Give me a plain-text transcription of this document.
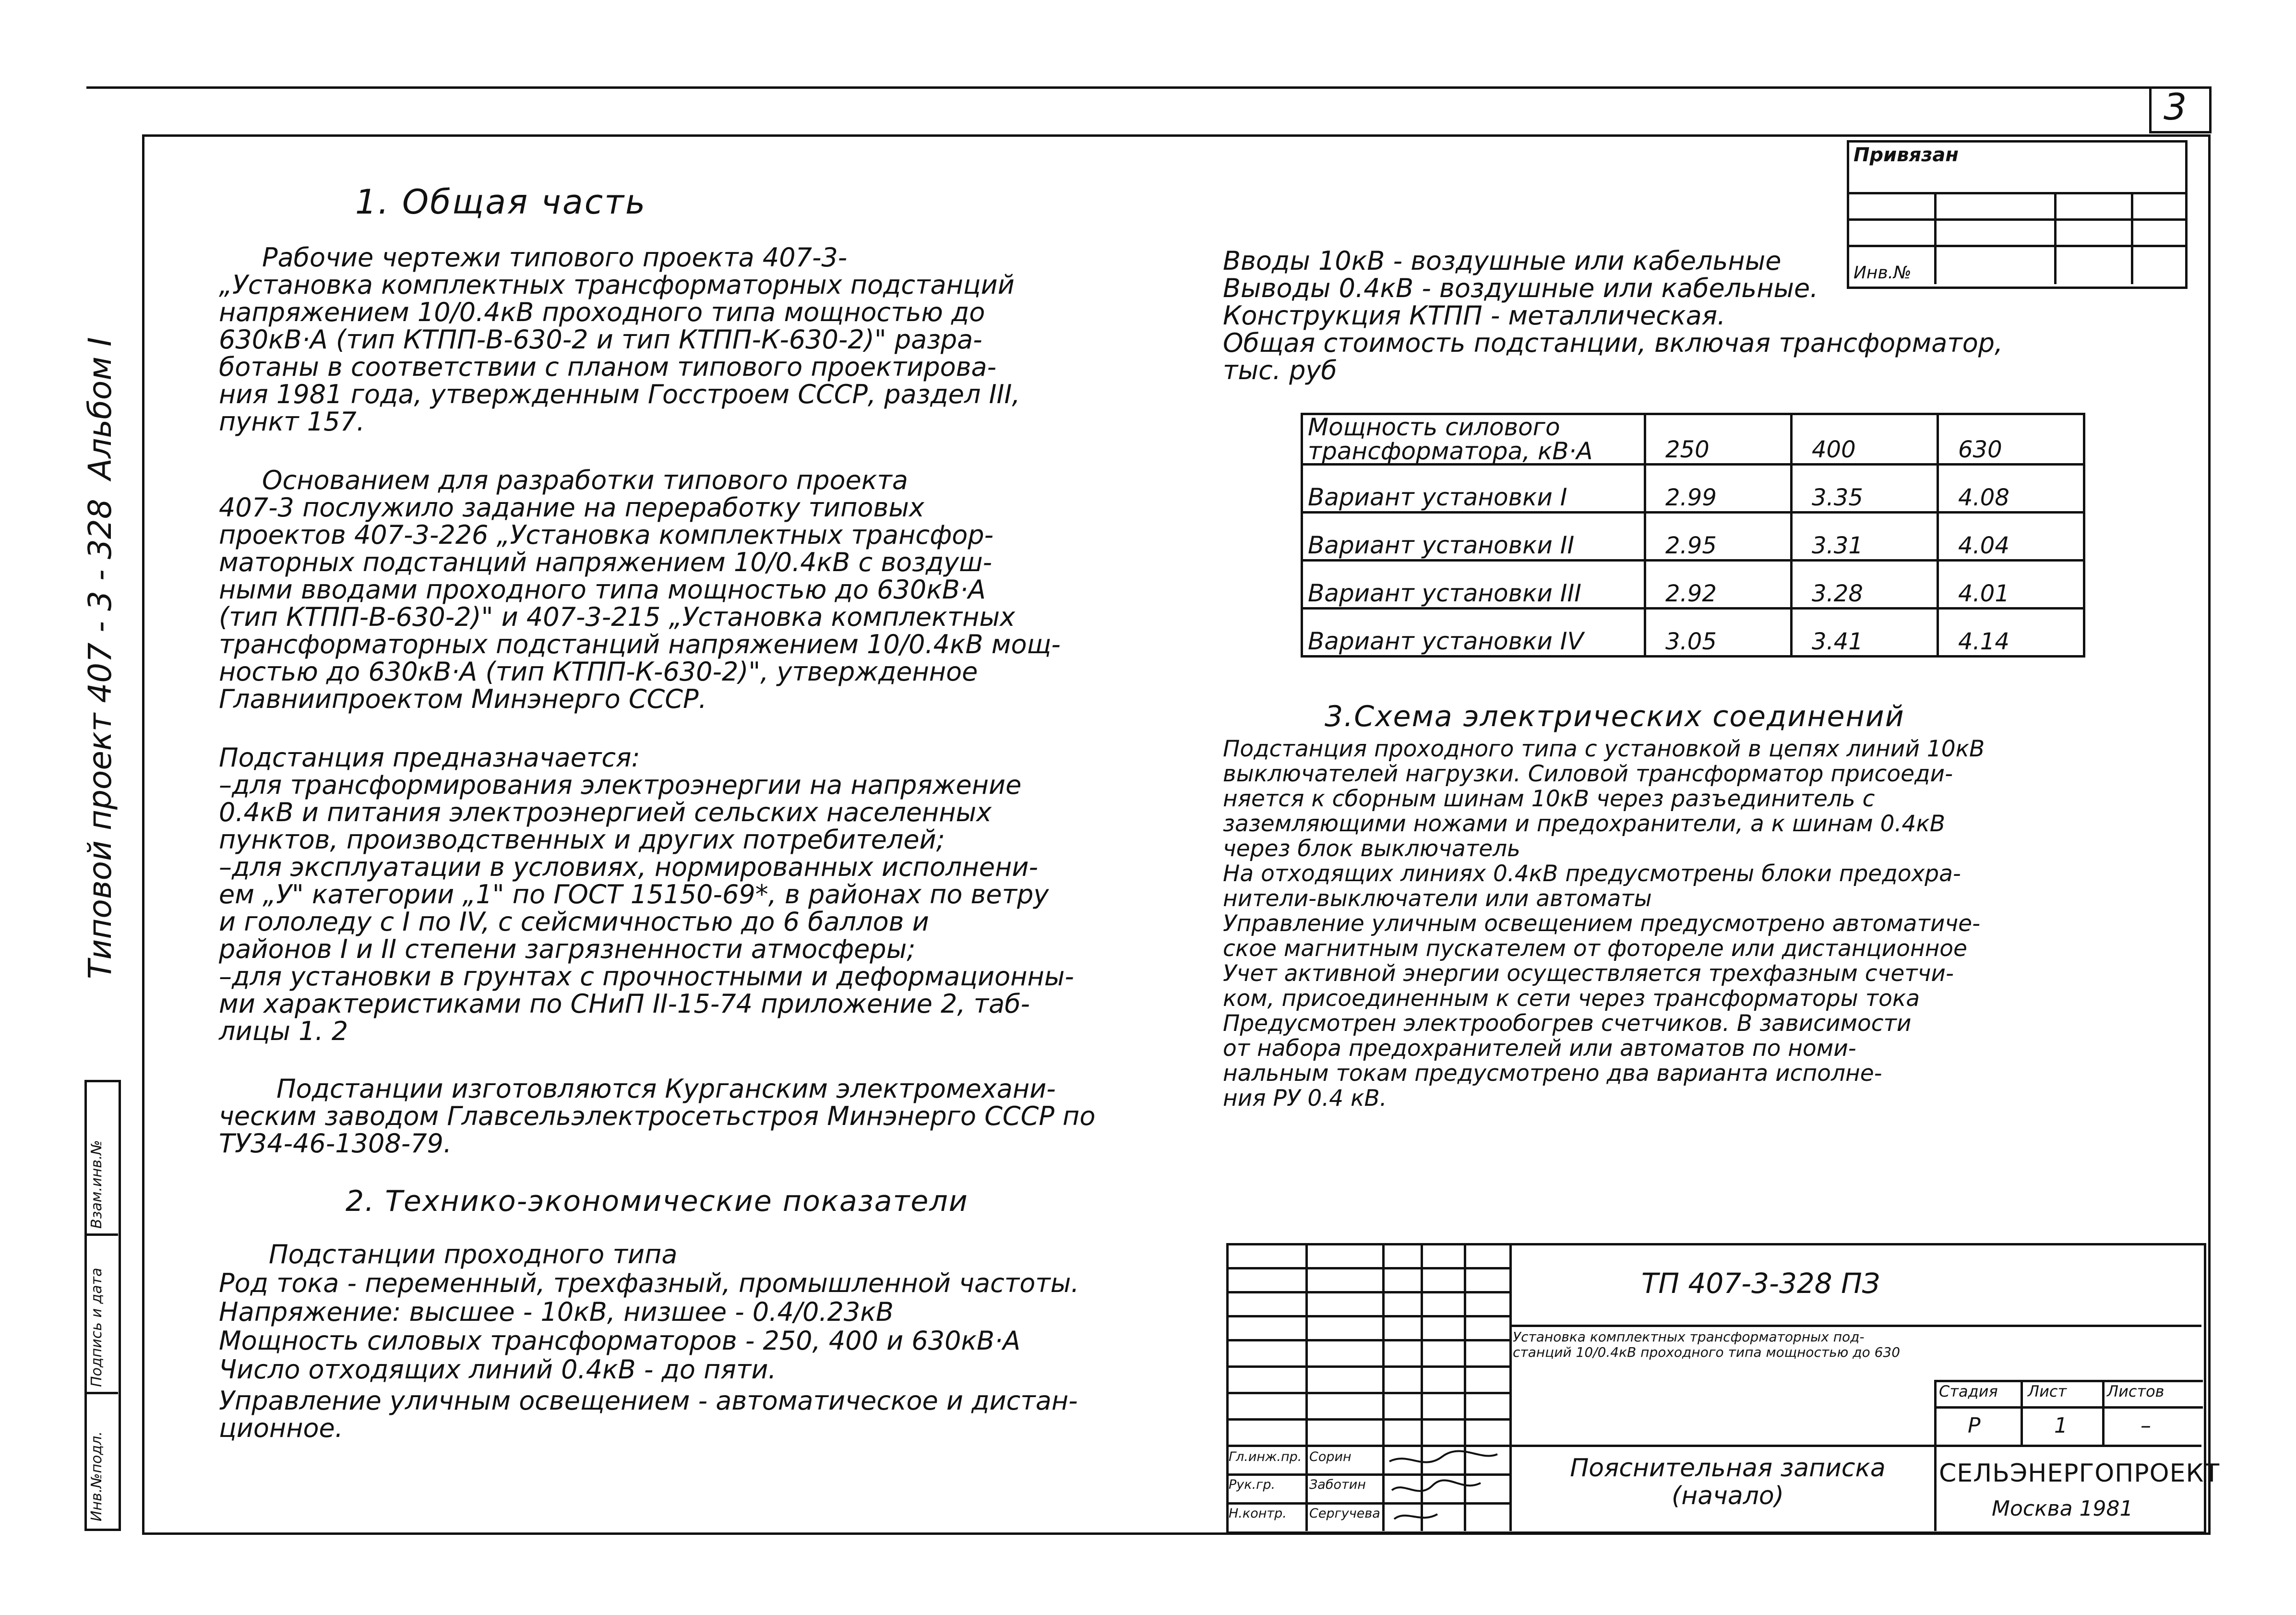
3
Типовой проект 407 - 3 - 328
Альбом I
Взам.инв.№
Подпись и дата
Инв.№подл.
Привязан
Инв.№
1. Общая часть
Рабочие чертежи типового проекта 407-3-
„Установка комплектных трансформаторных подстанций
напряжением 10/0.4кВ проходного типа мощностью до
630кВ·А (тип КТПП-В-630-2 и тип КТПП-К-630-2)" разра-
ботаны в соответствии с планом типового проектирова-
ния 1981 года, утвержденным Госстроем СССР, раздел III,
пункт 157.
Основанием для разработки типового проекта
407-3 послужило задание на переработку типовых
проектов 407-3-226 „Установка комплектных трансфор-
маторных подстанций напряжением 10/0.4кВ с воздуш-
ными вводами проходного типа мощностью до 630кВ·А
(тип КТПП-В-630-2)" и 407-3-215 „Установка комплектных
трансформаторных подстанций напряжением 10/0.4кВ мощ-
ностью до 630кВ·А (тип КТПП-К-630-2)", утвержденное
Главниипроектом Минэнерго СССР.
Подстанция предназначается:
–для трансформирования электроэнергии на напряжение
0.4кВ и питания электроэнергией сельских населенных
пунктов, производственных и других потребителей;
–для эксплуатации в условиях, нормированных исполнени-
ем „У" категории „1" по ГОСТ 15150-69*, в районах по ветру
и гололеду с I по IV, с сейсмичностью до 6 баллов и
районов I и II степени загрязненности атмосферы;
–для установки в грунтах с прочностными и деформационны-
ми характеристиками по СНиП II-15-74 приложение 2, таб-
лицы 1. 2
Подстанции изготовляются Курганским электромехани-
ческим заводом Главсельэлектросетьстроя Минэнерго СССР по
ТУ34-46-1308-79.
2. Технико-экономические показатели
Подстанции проходного типа
Род тока - переменный, трехфазный, промышленной частоты.
Напряжение: высшее - 10кВ, низшее - 0.4/0.23кВ
Мощность силовых трансформаторов - 250, 400 и 630кВ·А
Число отходящих линий 0.4кВ - до пяти.
Управление уличным освещением - автоматическое и дистан-
ционное.
Вводы 10кВ - воздушные или кабельные
Выводы 0.4кВ - воздушные или кабельные.
Конструкция КТПП - металлическая.
Общая стоимость подстанции, включая трансформатор,
тыс. руб
Мощность силового
трансформатора, кВ·А	250	400	630
Вариант установки I	2.99	3.35	4.08
Вариант установки II	2.95	3.31	4.04
Вариант установки III	2.92	3.28	4.01
Вариант установки IV	3.05	3.41	4.14
3.Схема электрических соединений
Подстанция проходного типа с установкой в цепях линий 10кВ
выключателей нагрузки. Силовой трансформатор присоеди-
няется к сборным шинам 10кВ через разъединитель с
заземляющими ножами и предохранители, а к шинам 0.4кВ
через блок выключатель
На отходящих линиях 0.4кВ предусмотрены блоки предохра-
нители-выключатели или автоматы
Управление уличным освещением предусмотрено автоматиче-
ское магнитным пускателем от фотореле или дистанционное
Учет активной энергии осуществляется трехфазным счетчи-
ком, присоединенным к сети через трансформаторы тока
Предусмотрен электрообогрев счетчиков. В зависимости
от набора предохранителей или автоматов по номи-
нальным токам предусмотрено два варианта исполне-
ния РУ 0.4 кВ.
Гл.инж.пр. Сорин
Рук.гр.	Заботин
Н.контр. Сергучева
ТП 407-3-328 ПЗ
Установка комплектных трансформаторных под-
станций 10/0.4кВ проходного типа мощностью до 630
Стадия Лист	Листов
Р	1	–
Пояснительная записка
(начало)
СЕЛЬЭНЕРГОПРОЕКТ
Москва 1981
